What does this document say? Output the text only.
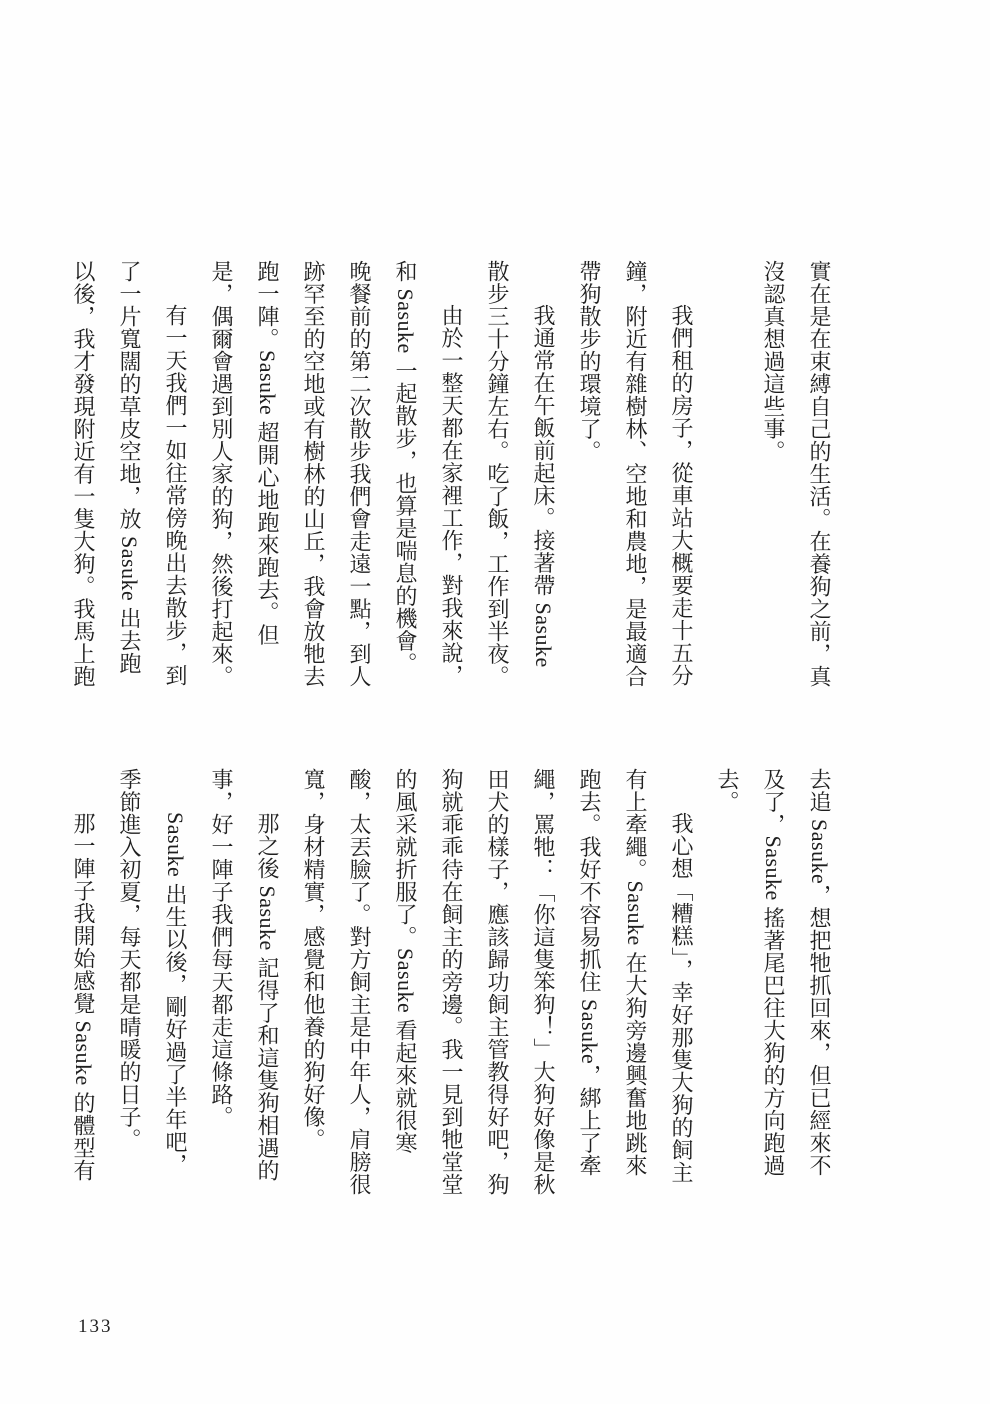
實在是在束縛自己的生活。在養狗之前，真沒認真想過這些事。

我們租的房子，從車站大概要走十五分鐘，附近有雜樹林、空地和農地，是最適合帶狗散步的環境了。

我通常在午飯前起床。接著帶 Sasuke 散步三十分鐘左右。吃了飯，工作到半夜。

由於一整天都在家裡工作，對我來說，和 Sasuke 一起散步，也算是喘息的機會。晚餐前的第二次散步我們會走遠一點，到人跡罕至的空地或有樹林的山丘，我會放牠去跑一陣。Sasuke 超開心地跑來跑去。但是，偶爾會遇到別人家的狗，然後打起來。

有一天我們一如往常傍晚出去散步，到了一片寬闊的草皮空地，放 Sasuke 出去跑以後，我才發現附近有一隻大狗。我馬上跑

去追 Sasuke，想把牠抓回來，但已經來不及了，Sasuke 搖著尾巴往大狗的方向跑過去。

我心想「糟糕」，幸好那隻大狗的飼主有上牽繩。Sasuke 在大狗旁邊興奮地跳來跑去。我好不容易抓住 Sasuke，綁上了牽繩，罵牠：「你這隻笨狗！」大狗好像是秋田犬的樣子，應該歸功飼主管教得好吧，狗狗就乖乖待在飼主的旁邊。我一見到牠堂堂的風采就折服了。Sasuke 看起來就很寒酸，太丟臉了。對方飼主是中年人，肩膀很寬，身材精實，感覺和他養的狗好像。

那之後 Sasuke 記得了和這隻狗相遇的事，好一陣子我們每天都走這條路。

Sasuke 出生以後，剛好過了半年吧，季節進入初夏，每天都是晴暖的日子。

那一陣子我開始感覺 Sasuke 的體型有

133
